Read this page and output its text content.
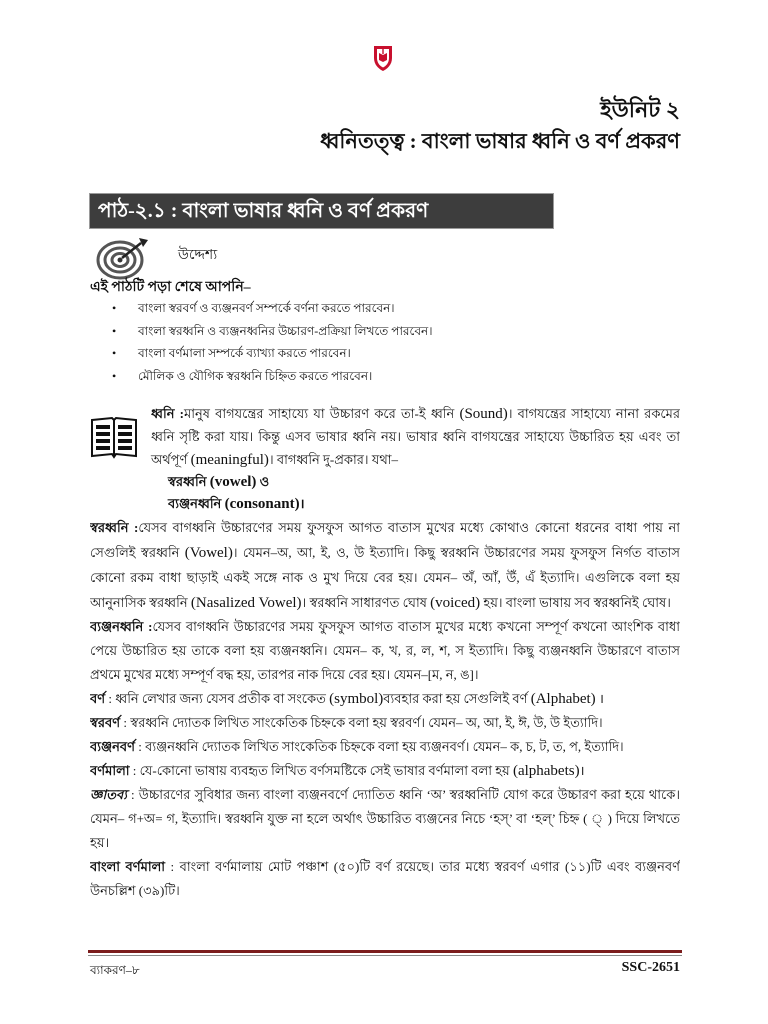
ইউনিট ২
ধ্বনিতত্ত্ব : বাংলা ভাষার ধ্বনি ও বর্ণ প্রকরণ
পাঠ-২.১ : বাংলা ভাষার ধ্বনি ও বর্ণ প্রকরণ
উদ্দেশ্য
এই পাঠটি পড়া শেষে আপনি–
• বাংলা স্বরবর্ণ ও ব্যঞ্জনবর্ণ সম্পর্কে বর্ণনা করতে পারবেন।
• বাংলা স্বরধ্বনি ও ব্যঞ্জনধ্বনির উচ্চারণ-প্রক্রিয়া লিখতে পারবেন।
• বাংলা বর্ণমালা সম্পর্কে ব্যাখ্যা করতে পারবেন।
• মৌলিক ও যৌগিক স্বরধ্বনি চিহ্নিত করতে পারবেন।

ধ্বনি :মানুষ বাগযন্ত্রের সাহায্যে যা উচ্চারণ করে তা-ই ধ্বনি (Sound)। বাগযন্ত্রের সাহায্যে নানা রকমের ধ্বনি সৃষ্টি করা যায়। কিন্তু এসব ভাষার ধ্বনি নয়। ভাষার ধ্বনি বাগযন্ত্রের সাহায্যে উচ্চারিত হয় এবং তা অর্থপূর্ণ (meaningful)। বাগধ্বনি দু-প্রকার। যথা–

স্বরধ্বনি (vowel) ও
ব্যঞ্জনধ্বনি (consonant)।

স্বরধ্বনি :যেসব বাগধ্বনি উচ্চারণের সময় ফুসফুস আগত বাতাস মুখের মধ্যে কোথাও কোনো ধরনের বাধা পায় না সেগুলিই স্বরধ্বনি (Vowel)। যেমন–অ, আ, ই, ও, উ ইত্যাদি। কিছু স্বরধ্বনি উচ্চারণের সময় ফুসফুস নির্গত বাতাস কোনো রকম বাধা ছাড়াই একই সঙ্গে নাক ও মুখ দিয়ে বের হয়। যেমন– অঁ, আঁ, উঁ, এঁ ইত্যাদি। এগুলিকে বলা হয় আনুনাসিক স্বরধ্বনি (Nasalized Vowel)। স্বরধ্বনি সাধারণত ঘোষ (voiced) হয়। বাংলা ভাষায় সব স্বরধ্বনিই ঘোষ।

ব্যঞ্জনধ্বনি :যেসব বাগধ্বনি উচ্চারণের সময় ফুসফুস আগত বাতাস মুখের মধ্যে কখনো সম্পূর্ণ কখনো আংশিক বাধা পেয়ে উচ্চারিত হয় তাকে বলা হয় ব্যঞ্জনধ্বনি। যেমন– ক, খ, র, ল, শ, স ইত্যাদি। কিছু ব্যঞ্জনধ্বনি উচ্চারণে বাতাস প্রথমে মুখের মধ্যে সম্পূর্ণ বদ্ধ হয়, তারপর নাক দিয়ে বের হয়। যেমন–[ম, ন, ঙ]।

বর্ণ : ধ্বনি লেখার জন্য যেসব প্রতীক বা সংকেত (symbol)ব্যবহার করা হয় সেগুলিই বর্ণ (Alphabet) ।

স্বরবর্ণ : স্বরধ্বনি দ্যোতক লিখিত সাংকেতিক চিহ্নকে বলা হয় স্বরবর্ণ। যেমন– অ, আ, ই, ঈ, উ, উ ইত্যাদি।

ব্যঞ্জনবর্ণ : ব্যঞ্জনধ্বনি দ্যোতক লিখিত সাংকেতিক চিহ্নকে বলা হয় ব্যঞ্জনবর্ণ। যেমন– ক, চ, ট, ত, প, ইত্যাদি।

বর্ণমালা : যে-কোনো ভাষায় ব্যবহৃত লিখিত বর্ণসমষ্টিকে সেই ভাষার বর্ণমালা বলা হয় (alphabets)।

জ্ঞাতব্য : উচ্চারণের সুবিধার জন্য বাংলা ব্যঞ্জনবর্ণে দ্যোতিত ধ্বনি ‘অ’ স্বরধ্বনিটি যোগ করে উচ্চারণ করা হয়ে থাকে। যেমন– গ+অ= গ, ইত্যাদি। স্বরধ্বনি যুক্ত না হলে অর্থাৎ উচ্চারিত ব্যঞ্জনের নিচে ‘হস্’ বা ‘হল্’ চিহ্ন ( ্ ) দিয়ে লিখতে হয়।

বাংলা বর্ণমালা : বাংলা বর্ণমালায় মোট পঞ্চাশ (৫০)টি বর্ণ রয়েছে। তার মধ্যে স্বরবর্ণ এগার (১১)টি এবং ব্যঞ্জনবর্ণ উনচল্লিশ (৩৯)টি।

ব্যাকরণ–৮	SSC-2651
